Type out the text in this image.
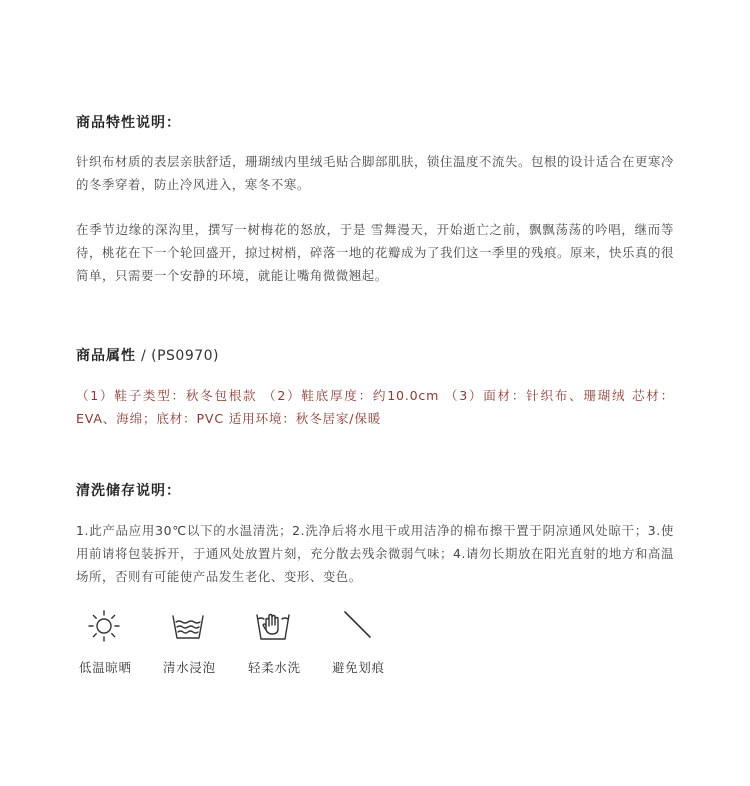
商品特性说明：
针织布材质的表层亲肤舒适，珊瑚绒内里绒毛贴合脚部肌肤，锁住温度不流失。包根的设计适合在更寒冷的冬季穿着，防止冷风进入，寒冬不寒。
在季节边缘的深沟里，撰写一树梅花的怒放，于是 雪舞漫天，开始逝亡之前，飘飘荡荡的吟唱，继而等待，桃花在下一个轮回盛开，掠过树梢，碎落一地的花瓣成为了我们这一季里的残痕。原来，快乐真的很简单，只需要一个安静的环境，就能让嘴角微微翘起。
商品属性 / (PS0970)
（1）鞋子类型：秋冬包根款 （2）鞋底厚度：约10.0cm （3）面材：针织布、珊瑚绒 芯材：EVA、海绵；底材：PVC 适用环境：秋冬居家/保暖
清洗储存说明：
1.此产品应用30℃以下的水温清洗；2.洗净后将水甩干或用洁净的棉布擦干置于阴凉通风处晾干；3.使用前请将包装拆开，于通风处放置片刻，充分散去残余微弱气味；4.请勿长期放在阳光直射的地方和高温场所，否则有可能使产品发生老化、变形、变色。
低温晾晒	清水浸泡	轻柔水洗	避免划痕
